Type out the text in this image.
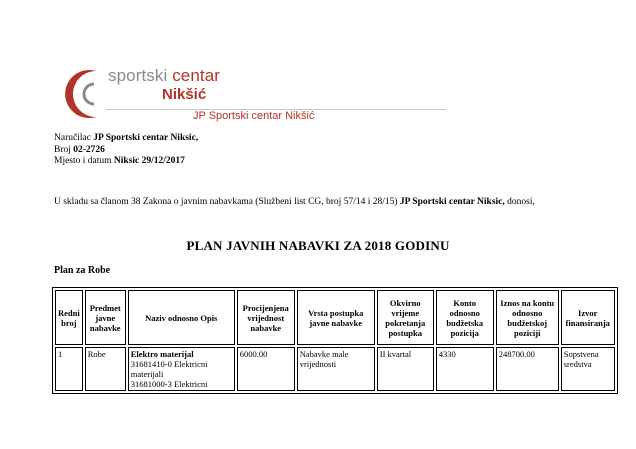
sportski centar
Nikšić
JP Sportski centar Nikšić
Naručilac JP Sportski centar Niksic,
Broj 02-2726
Mjesto i datum Niksic 29/12/2017
U skladu sa članom 38 Zakona o javnim nabavkama (Službeni list CG, broj 57/14 i 28/15) JP Sportski centar Niksic, donosi,
PLAN JAVNIH NABAVKI ZA 2018 GODINU
Plan za Robe
Redni broj	Predmet javne nabavke	Naziv odnosno Opis	Procijenjena vrijednost nabavke	Vrsta postupka javne nabavke	Okvirno vrijeme pokretanja postupka	Konto odnosno budžetska pozicija	Iznos na kontu odnosno budžetskoj poziciji	Izvor finansiranja
1	Robe	Elektro materijal
31681410-0 Elektricni materijali
31681000-3 Elektricni	6000.00	Nabavke male vrijednosti	II kvartal	4330	248700.00	Sopstvena sredstva
